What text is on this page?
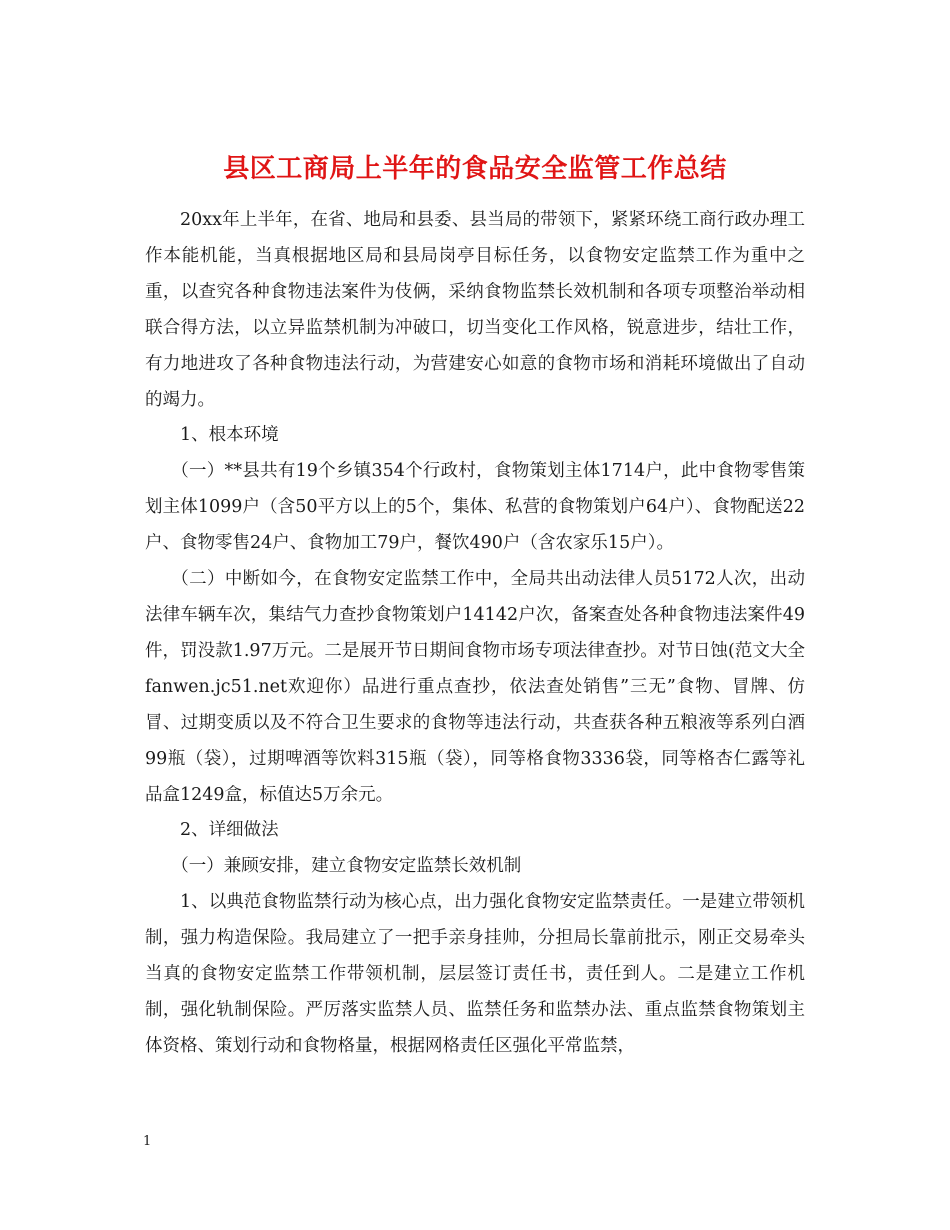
县区工商局上半年的食品安全监管工作总结

20xx年上半年，在省、地局和县委、县当局的带领下，紧紧环绕工商行政办理工作本能机能，当真根据地区局和县局岗亭目标任务，以食物安定监禁工作为重中之重，以查究各种食物违法案件为伎俩，采纳食物监禁长效机制和各项专项整治举动相联合得方法，以立异监禁机制为冲破口，切当变化工作风格，锐意进步，结壮工作，有力地进攻了各种食物违法行动，为营建安心如意的食物市场和消耗环境做出了自动的竭力。

1、根本环境

（一）**县共有19个乡镇354个行政村，食物策划主体1714户，此中食物零售策划主体1099户（含50平方以上的5个，集体、私营的食物策划户64户）、食物配送22户、食物零售24户、食物加工79户，餐饮490户（含农家乐15户）。

（二）中断如今，在食物安定监禁工作中，全局共出动法律人员5172人次，出动法律车辆车次，集结气力查抄食物策划户14142户次，备案查处各种食物违法案件49件，罚没款1.97万元。二是展开节日期间食物市场专项法律查抄。对节日蚀(范文大全fanwen.jc51.net欢迎你）品进行重点查抄，依法查处销售”三无”食物、冒牌、仿冒、过期变质以及不符合卫生要求的食物等违法行动，共查获各种五粮液等系列白酒99瓶（袋），过期啤酒等饮料315瓶（袋），同等格食物3336袋，同等格杏仁露等礼品盒1249盒，标值达5万余元。

2、详细做法

（一）兼顾安排，建立食物安定监禁长效机制

1、以典范食物监禁行动为核心点，出力强化食物安定监禁责任。一是建立带领机制，强力构造保险。我局建立了一把手亲身挂帅，分担局长靠前批示，刚正交易牵头当真的食物安定监禁工作带领机制，层层签订责任书，责任到人。二是建立工作机制，强化轨制保险。严厉落实监禁人员、监禁任务和监禁办法、重点监禁食物策划主体资格、策划行动和食物格量，根据网格责任区强化平常监禁，

1
